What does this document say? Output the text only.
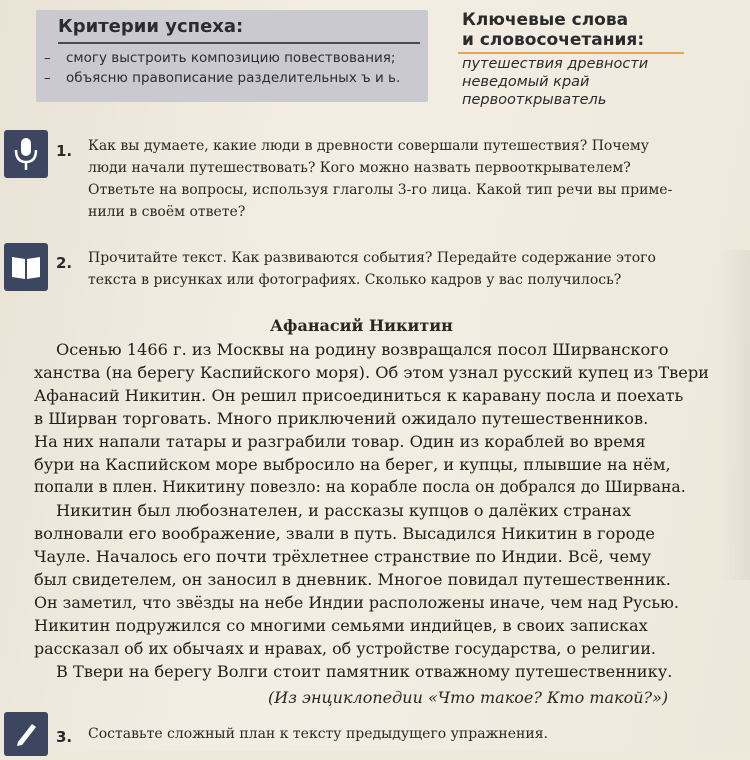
Критерии успеха:
– смогу выстроить композицию повествования;
– объясню правописание разделительных ъ и ь.
Ключевые слова
и словосочетания:
путешествия древности
неведомый край
первооткрыватель
1. Как вы думаете, какие люди в древности совершали путешествия? Почему
люди начали путешествовать? Кого можно назвать первооткрывателем?
Ответьте на вопросы, используя глаголы 3-го лица. Какой тип речи вы приме-
нили в своём ответе?
2. Прочитайте текст. Как развиваются события? Передайте содержание этого
текста в рисунках или фотографиях. Сколько кадров у вас получилось?
Афанасий Никитин
Осенью 1466 г. из Москвы на родину возвращался посол Ширванского
ханства (на берегу Каспийского моря). Об этом узнал русский купец из Твери
Афанасий Никитин. Он решил присоединиться к каравану посла и поехать
в Ширван торговать. Много приключений ожидало путешественников.
На них напали татары и разграбили товар. Один из кораблей во время
бури на Каспийском море выбросило на берег, и купцы, плывшие на нём,
попали в плен. Никитину повезло: на корабле посла он добрался до Ширвана.
Никитин был любознателен, и рассказы купцов о далёких странах
волновали его воображение, звали в путь. Высадился Никитин в городе
Чауле. Началось его почти трёхлетнее странствие по Индии. Всё, чему
был свидетелем, он заносил в дневник. Многое повидал путешественник.
Он заметил, что звёзды на небе Индии расположены иначе, чем над Русью.
Никитин подружился со многими семьями индийцев, в своих записках
рассказал об их обычаях и нравах, об устройстве государства, о религии.
В Твери на берегу Волги стоит памятник отважному путешественнику.
(Из энциклопедии «Что такое? Кто такой?»)
3. Составьте сложный план к тексту предыдущего упражнения.
